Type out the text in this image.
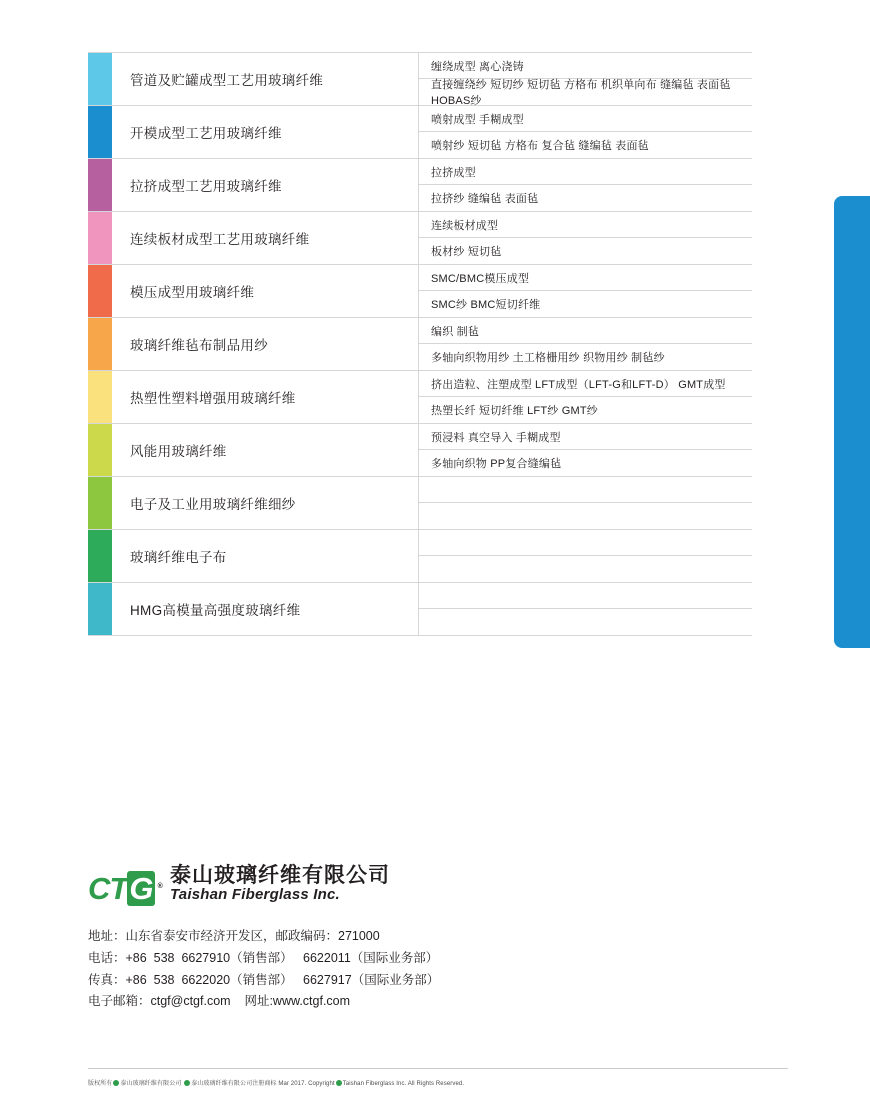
管道及贮罐成型工艺用玻璃纤维
缠绕成型 离心浇铸
直接缠绕纱 短切纱 短切毡 方格布 机织单向布 缝编毡 表面毡 HOBAS纱
开模成型工艺用玻璃纤维
喷射成型 手糊成型
喷射纱 短切毡 方格布 复合毡 缝编毡 表面毡
拉挤成型工艺用玻璃纤维
拉挤成型
拉挤纱 缝编毡 表面毡
连续板材成型工艺用玻璃纤维
连续板材成型
板材纱 短切毡
模压成型用玻璃纤维
SMC/BMC模压成型
SMC纱 BMC短切纤维
玻璃纤维毡布制品用纱
编织 制毡
多轴向织物用纱 土工格栅用纱 织物用纱 制毡纱
热塑性塑料增强用玻璃纤维
挤出造粒、注塑成型 LFT成型（LFT-G和LFT-D） GMT成型
热塑长纤 短切纤维 LFT纱 GMT纱
风能用玻璃纤维
预浸料 真空导入 手糊成型
多轴向织物 PP复合缝编毡
电子及工业用玻璃纤维细纱
玻璃纤维电子布
HMG高模量高强度玻璃纤维
CTG ® 泰山玻璃纤维有限公司
Taishan Fiberglass Inc.
地址：山东省泰安市经济开发区，邮政编码：271000
电话：+86  538  6627910（销售部）   6622011（国际业务部）
传真：+86  538  6622020（销售部）   6627917（国际业务部）
电子邮箱：ctgf@ctgf.com    网址:www.ctgf.com
版权所有 泰山玻璃纤维有限公司 泰山玻璃纤维有限公司注册商标 Mar 2017. Copyright Taishan Fiberglass Inc. All Rights Reserved.
